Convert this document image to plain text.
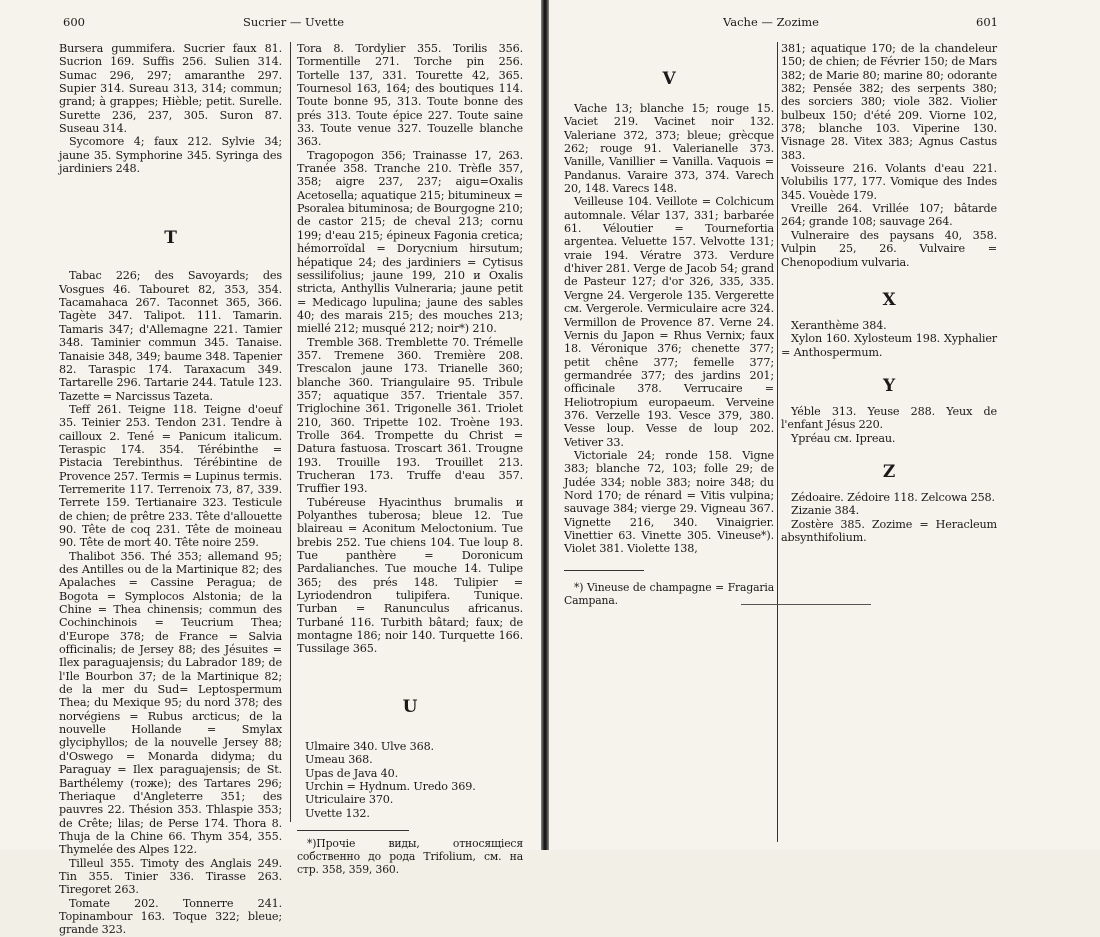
600	Sucrier — Uvette

Bursera gummifera. Sucrier faux 81. Sucrion 169. Suffis 256. Sulien 314. Sumac 296, 297; amaranthe 297. Supier 314. Sureau 313, 314; commun; grand; à grappes; Hièble; petit. Surelle. Surette 236, 237, 305. Suron 87. Suseau 314.

Sycomore 4; faux 212. Sylvie 34; jaune 35. Symphorine 345. Syringa des jardiniers 248.

T

Tabac 226; des Savoyards; des Vosgues 46. Tabouret 82, 353, 354. Tacamahaca 267. Taconnet 365, 366. Tagète 347. Talipot. 111. Tamarin. Tamaris 347; d'Allemagne 221. Tamier 348. Taminier commun 345. Tanaise. Tanaisie 348, 349; baume 348. Tapenier 82. Taraspic 174. Taraxacum 349. Tartarelle 296. Tartarie 244. Tatule 123. Tazette = Narcissus Tazeta.

Teff 261. Teigne 118. Teigne d'oeuf 35. Teinier 253. Tendon 231. Tendre à cailloux 2. Tené = Panicum italicum. Teraspic 174. 354. Térébinthe = Pistacia Terebinthus. Térébintine de Provence 257. Termis = Lupinus termis. Terremerite 117. Terrenoix 73, 87, 339. Terrete 159. Tertianaire 323. Testicule de chien; de prêtre 233. Tête d'allouette 90. Tête de coq 231. Tête de moineau 90. Tête de mort 40. Tête noire 259.

Thalibot 356. Thé 353; allemand 95; des Antilles ou de la Martinique 82; des Apalaches = Cassine Peragua; de Bogota = Symplocos Alstonia; de la Chine = Thea chinensis; commun des Cochinchinois = Teucrium Thea; d'Europe 378; de France = Salvia officinalis; de Jersey 88; des Jésuites = Ilex paraguajensis; du Labrador 189; de l'Ile Bourbon 37; de la Martinique 82; de la mer du Sud= Leptospermum Thea; du Mexique 95; du nord 378; des norvégiens = Rubus arcticus; de la nouvelle Hollande = Smylax glyciphyllos; de la nouvelle Jersey 88; d'Oswego = Monarda didyma; du Paraguay = Ilex paraguajensis; de St. Barthélemy (тоже); des Tartares 296; Theriaque d'Angleterre 351; des pauvres 22. Thésion 353. Thlaspie 353; de Crête; lilas; de Perse 174. Thora 8. Thuja de la Chine 66. Thym 354, 355. Thymelée des Alpes 122.

Tilleul 355. Timoty des Anglais 249. Tin 355. Tinier 336. Tirasse 263. Tiregoret 263.

Tomate 202. Tonnerre 241. Topinambour 163. Toque 322; bleue; grande 323.

Tora 8. Tordylier 355. Torilis 356. Tormentille 271. Torche pin 256. Tortelle 137, 331. Tourette 42, 365. Tournesol 163, 164; des boutiques 114. Toute bonne 95, 313. Toute bonne des prés 313. Toute épice 227. Toute saine 33. Toute venue 327. Touzelle blanche 363.

Tragopogon 356; Trainasse 17, 263. Tranée 358. Tranche 210. Trèfle 357, 358; aigre 237, 237; aigu=Oxalis Acetosella; aquatique 215; bitumineux = Psoralea bituminosa; de Bourgogne 210; de castor 215; de cheval 213; cornu 199; d'eau 215; épineux Fagonia cretica; hémorroïdal = Dorycnium hirsutum; hépatique 24; des jardiniers = Cytisus sessilifolius; jaune 199, 210 и Oxalis stricta, Anthyllis Vulneraria; jaune petit = Medicago lupulina; jaune des sables 40; des marais 215; des mouches 213; miellé 212; musqué 212; noir*) 210.

Tremble 368. Tremblette 70. Trémelle 357. Tremene 360. Tremière 208. Trescalon jaune 173. Trianelle 360; blanche 360. Triangulaire 95. Tribule 357; aquatique 357. Trientale 357. Triglochine 361. Trigonelle 361. Triolet 210, 360. Tripette 102. Troène 193. Trolle 364. Trompette du Christ = Datura fastuosa. Troscart 361. Trougne 193. Trouille 193. Trouillet 213. Trucheran 173. Truffe d'eau 357. Truffier 193.

Tubéreuse Hyacinthus brumalis и Polyanthes tuberosa; bleue 12. Tue blaireau = Aconitum Meloctonium. Tue brebis 252. Tue chiens 104. Tue loup 8. Tue panthère = Doronicum Pardalianches. Tue mouche 14. Tulipe 365; des prés 148. Tulipier = Lyriodendron tulipifera. Tunique. Turban = Ranunculus africanus. Turbané 116. Turbith bâtard; faux; de montagne 186; noir 140. Turquette 166. Tussilage 365.

U

Ulmaire 340. Ulve 368.

Umeau 368.

Upas de Java 40.

Urchin = Hydnum. Uredo 369.

Utriculaire 370.

Uvette 132.

*)Прочіе виды, относящіеся собственно до рода Trifolium, см. на стр. 358, 359, 360.

Vache — Zozime	601
V

Vache 13; blanche 15; rouge 15. Vaciet 219. Vacinet noir 132. Valeriane 372, 373; bleue; grècque 262; rouge 91. Valerianelle 373. Vanille, Vanillier = Vanilla. Vaquois = Pandanus. Varaire 373, 374. Varech 20, 148. Varecs 148.

Veilleuse 104. Veillote = Colchicum automnale. Vélar 137, 331; barbarée 61. Véloutier = Tournefortia argentea. Veluette 157. Velvotte 131; vraie 194. Vératre 373. Verdure d'hiver 281. Verge de Jacob 54; grand de Pasteur 127; d'or 326, 335, 335. Vergne 24. Vergerole 135. Vergerette см. Vergerole. Vermiculaire acre 324. Vermillon de Provence 87. Verne 24. Vernis du Japon = Rhus Vernix; faux 18. Véronique 376; chenette 377; petit chêne 377; femelle 377; germandrée 377; des jardins 201; officinale 378. Verrucaire = Heliotropium europaeum. Verveine 376. Verzelle 193. Vesce 379, 380. Vesse loup. Vesse de loup 202. Vetiver 33.

Victoriale 24; ronde 158. Vigne 383; blanche 72, 103; folle 29; de Judée 334; noble 383; noire 348; du Nord 170; de rénard = Vitis vulpina; sauvage 384; vierge 29. Vigneau 367. Vignette 216, 340. Vinaigrier. Vinettier 63. Vinette 305. Vineuse*). Violet 381. Violette 138,

*) Vineuse de champagne = Fragaria Campana.

381; aquatique 170; de la chandeleur 150; de chien; de Février 150; de Mars 382; de Marie 80; marine 80; odorante 382; Pensée 382; des serpents 380; des sorciers 380; viole 382. Violier bulbeux 150; d'été 209. Viorne 102, 378; blanche 103. Viperine 130. Visnage 28. Vitex 383; Agnus Castus 383.

Voisseure 216. Volants d'eau 221. Volubilis 177, 177. Vomique des Indes 345. Vouède 179.

Vreille 264. Vrillée 107; bâtarde 264; grande 108; sauvage 264.

Vulneraire des paysans 40, 358. Vulpin 25, 26. Vulvaire = Chenopodium vulvaria.

X

Xeranthème 384.

Xylon 160. Xylosteum 198. Xyphalier = Anthospermum.

Y

Yéble 313. Yeuse 288. Yeux de l'enfant Jésus 220.

Ypréau см. Ipreau.

Z

Zédoaire. Zédoire 118. Zelcowa 258.

Zizanie 384.

Zostère 385. Zozime = Heracleum absynthifolium.
